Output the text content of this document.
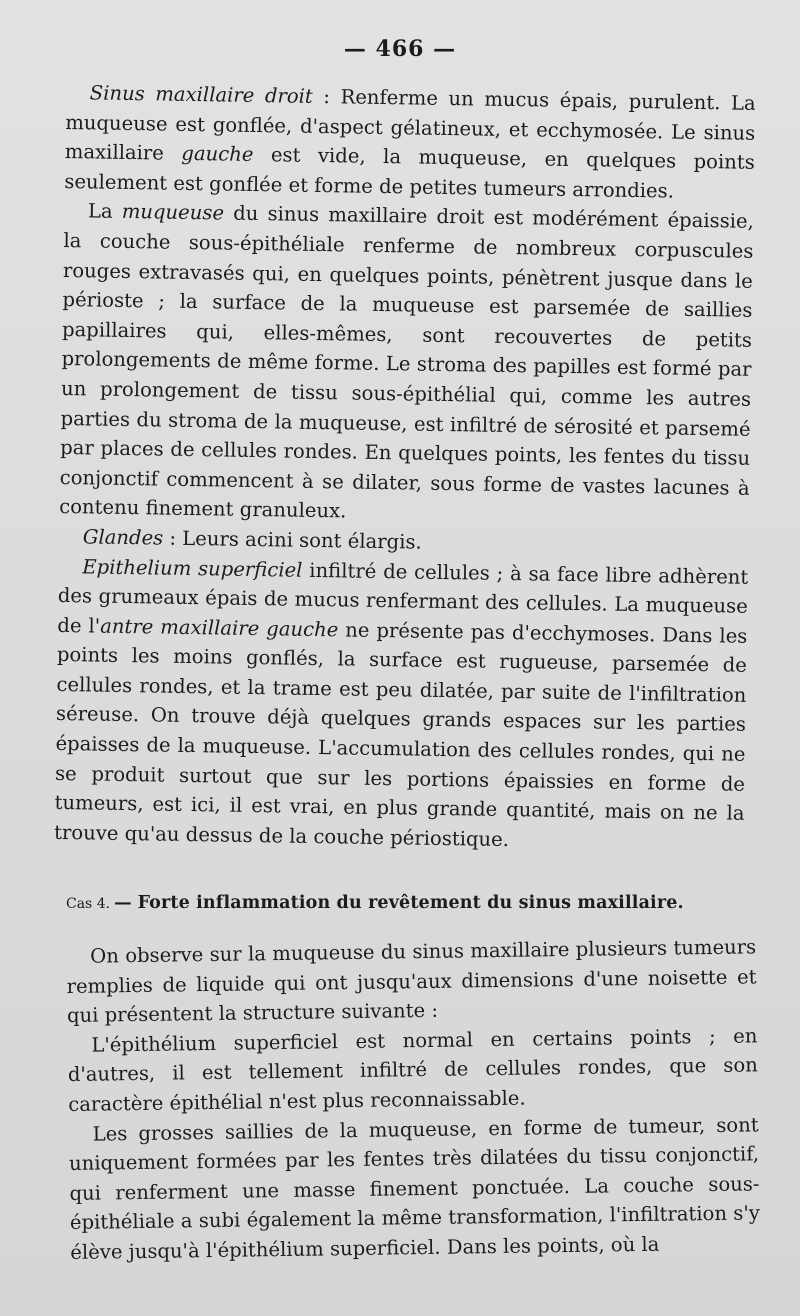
— 466 —

Sinus maxillaire droit : Renferme un mucus épais, purulent. La muqueuse est gonflée, d'aspect gélatineux, et ecchymosée. Le sinus maxillaire gauche est vide, la muqueuse, en quelques points seulement est gonflée et forme de petites tumeurs arrondies.

La muqueuse du sinus maxillaire droit est modérément épaissie, la couche sous-épithéliale renferme de nombreux corpuscules rouges extravasés qui, en quelques points, pénètrent jusque dans le périoste ; la surface de la muqueuse est parsemée de saillies papillaires qui, elles-mêmes, sont recouvertes de petits prolongements de même forme. Le stroma des papilles est formé par un prolongement de tissu sous-épithélial qui, comme les autres parties du stroma de la muqueuse, est infiltré de sérosité et parsemé par places de cellules rondes. En quelques points, les fentes du tissu conjonctif commencent à se dilater, sous forme de vastes lacunes à contenu finement granuleux.

Glandes : Leurs acini sont élargis.

Epithelium superficiel infiltré de cellules ; à sa face libre adhèrent des grumeaux épais de mucus renfermant des cellules. La muqueuse de l'antre maxillaire gauche ne présente pas d'ecchymoses. Dans les points les moins gonflés, la surface est rugueuse, parsemée de cellules rondes, et la trame est peu dilatée, par suite de l'infiltration séreuse. On trouve déjà quelques grands espaces sur les parties épaisses de la muqueuse. L'accumulation des cellules rondes, qui ne se produit surtout que sur les portions épaissies en forme de tumeurs, est ici, il est vrai, en plus grande quantité, mais on ne la trouve qu'au dessus de la couche périostique.

Cas 4. — Forte inflammation du revêtement du sinus maxillaire.

On observe sur la muqueuse du sinus maxillaire plusieurs tumeurs remplies de liquide qui ont jusqu'aux dimensions d'une noisette et qui présentent la structure suivante :

L'épithélium superficiel est normal en certains points ; en d'autres, il est tellement infiltré de cellules rondes, que son caractère épithélial n'est plus reconnaissable.

Les grosses saillies de la muqueuse, en forme de tumeur, sont uniquement formées par les fentes très dilatées du tissu conjonctif, qui renferment une masse finement ponctuée. La couche sous-épithéliale a subi également la même transformation, l'infiltration s'y élève jusqu'à l'épithélium superficiel. Dans les points, où la
